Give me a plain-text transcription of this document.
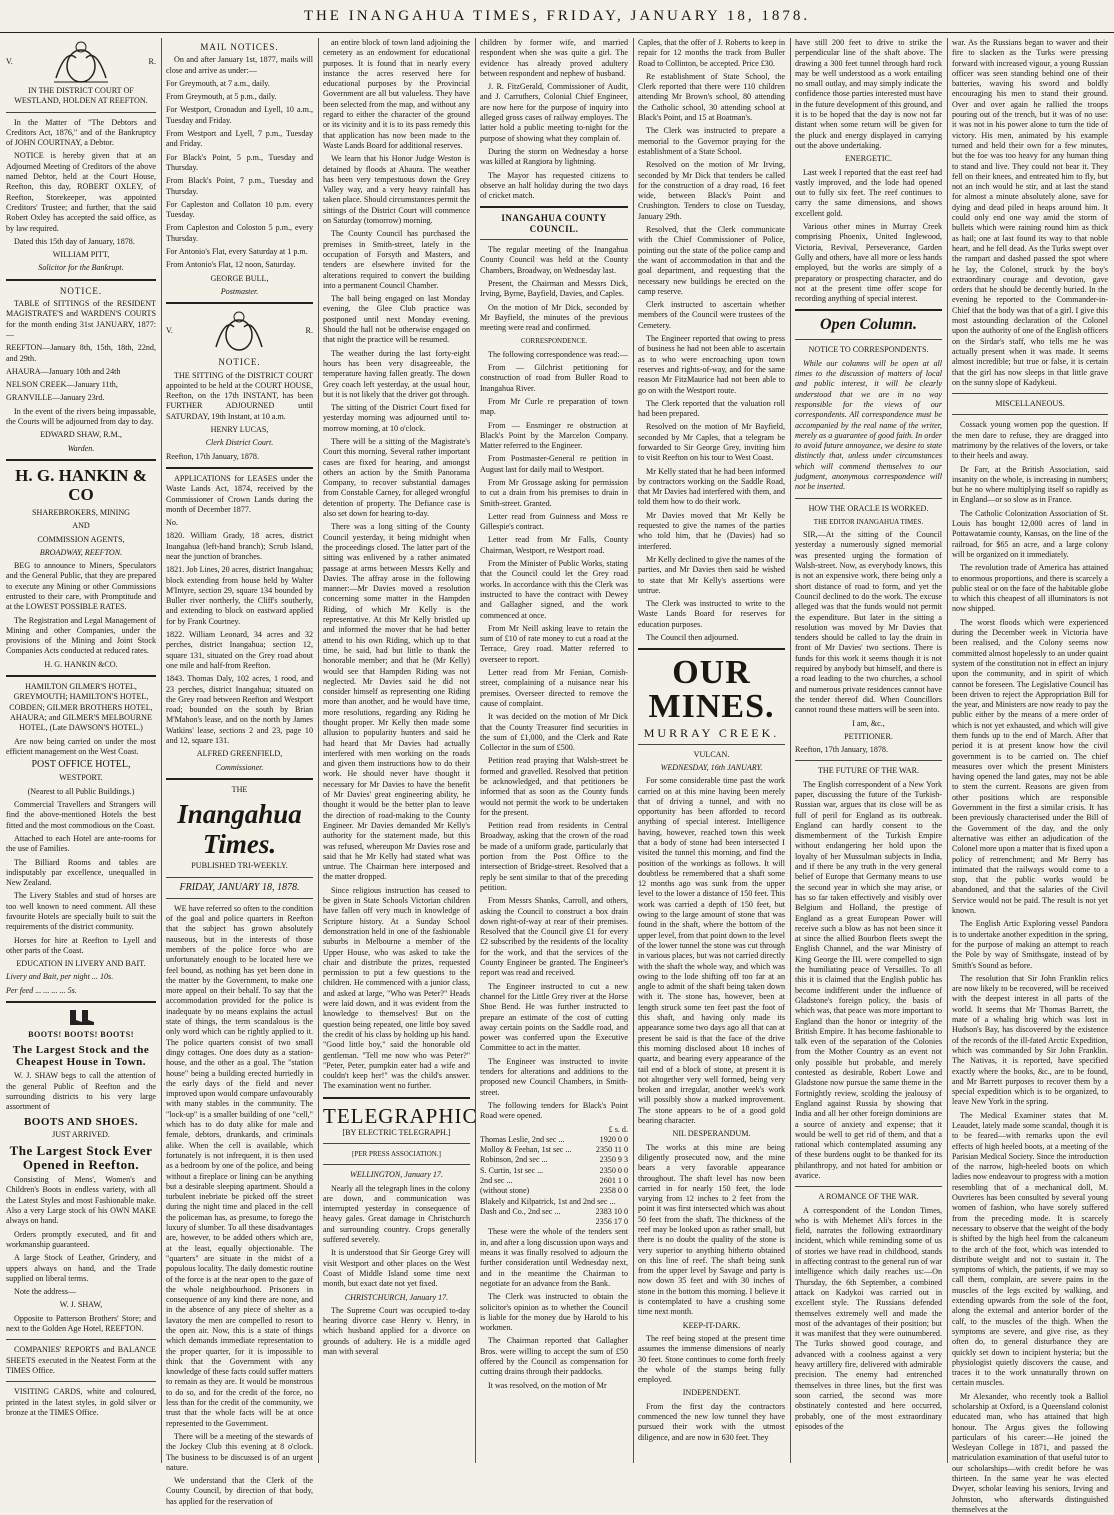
THE INANGAHUA TIMES, FRIDAY, JANUARY 18, 1878.
V.	R.

IN THE DISTRICT COURT OF WESTLAND, HOLDEN AT REEFTON.

In the Matter of "The Debtors and Creditors Act, 1876," and of the Bankruptcy of JOHN COURTNAY, a Debtor.

NOTICE is hereby given that at an Adjourned Meeting of Creditors of the above named Debtor, held at the Court House, Reefton, this day, ROBERT OXLEY, of Reefton, Storekeeper, was appointed Creditors' Trustee; and further, that the said Robert Oxley has accepted the said office, as by law required.

Dated this 15th day of January, 1878.

WILLIAM PITT,

Solicitor for the Bankrupt.

NOTICE.

TABLE of SITTINGS of the RESIDENT MAGISTRATE'S and WARDEN'S COURTS for the month ending 31st JANUARY, 1877:—

REEFTON—January 8th, 15th, 18th, 22nd, and 29th.

AHAURA—January 10th and 24th

NELSON CREEK—January 11th,

GRANVILLE—January 23rd.

In the event of the rivers being impassable, the Courts will be adjourned from day to day.

EDWARD SHAW, R.M.,

Warden.

H. G. HANKIN & CO

SHAREBROKERS, MINING

AND

COMMISSION AGENTS,

BROADWAY, REEFTON.

BEG to announce to Miners, Speculators and the General Public, that they are prepared to execute any Mining or other Commissions entrusted to their care, with Promptitude and at the LOWEST POSSIBLE RATES.

The Registration and Legal Management of Mining and other Companies, under the provisions of the Mining and Joint Stock Companies Acts conducted at reduced rates.

H. G. HANKIN &CO.

HAMILTON GILMER'S HOTEL, GREYMOUTH; HAMILTON'S HOTEL, COBDEN; GILMER BROTHERS HOTEL, AHAURA; and GILMER'S MELBOURNE HOTEL, (Late DAWSON'S HOTEL.)

Are now being carried on under the most efficient management on the West Coast.

POST OFFICE HOTEL,

WESTPORT.

(Nearest to all Public Buildings.)

Commercial Travellers and Strangers will find the above-mentioned Hotels the best fitted and the most commodious on the Coast.

Attached to each Hotel are ante-rooms for the use of Families.

The Billiard Rooms and tables are indisputably par excellence, unequalled in New Zealand.

The Livery Stables and stud of horses are too well known to need comment. All these favourite Hotels are specially built to suit the requirements of the district community.

Horses for hire at Reefton to Lyell and other parts of the Coast.

EDUCATION IN LIVERY AND BAIT.

Livery and Bait, per night ... 10s.

Per feed ... ... ... ... 5s.

BOOTS! BOOTS! BOOTS!
The Largest Stock and the Cheapest House in Town.

W. J. SHAW begs to call the attention of the general Public of Reefton and the surrounding districts to his very large assortment of

BOOTS AND SHOES.

JUST ARRIVED.

The Largest Stock Ever Opened in Reefton.

Consisting of Mens', Women's and Children's Boots in endless variety, with all the Latest Styles and most Fashionable make. Also a very Large stock of his OWN MAKE always on hand.

Orders promptly executed, and fit and workmanship guaranteed.

A large Stock of Leather, Grindery, and uppers always on hand, and the Trade supplied on liberal terms.

Note the address—

W. J. SHAW,

Opposite to Patterson Brothers' Store; and next to the Golden Age Hotel, REEFTON.

COMPANIES' REPORTS and BALANCE SHEETS executed in the Neatest Form at the TIMES Office.

VISITING CARDS, white and coloured, printed in the latest styles, in gold silver or bronze at the TIMES Office.

MAIL NOTICES.

On and after January 1st, 1877, mails will close and arrive as under:—

For Greymouth, at 7 a.m., daily.

From Greymouth, at 5 p.m., daily.

For Westport, Cronadun and Lyell, 10 a.m., Tuesday and Friday.

From Westport and Lyell, 7 p.m., Tuesday and Friday.

For Black's Point, 5 p.m., Tuesday and Thursday.

From Black's Point, 7 p.m., Tuesday and Thursday.

For Capleston and Collaton 10 p.m. every Tuesday.

From Capleston and Coloston 5 p.m., every Thursday.

For Antonio's Flat, every Saturday at 1 p.m.

From Antonio's Flat, 12 noon, Saturday.

GEORGE BULL,

Postmaster.

V.	R.
NOTICE.

THE SITTING of the DISTRICT COURT appointed to be held at the COURT HOUSE, Reefton, on the 17th INSTANT, has been FURTHER ADJOURNED until SATURDAY, 19th Instant, at 10 a.m.

HENRY LUCAS,

Clerk District Court.

Reefton, 17th January, 1878.

APPLICATIONS for LEASES under the Waste Lands Act, 1874, received by the Commissioner of Crown Lands during the month of December 1877.

No.

1820. William Grady, 18 acres, district Inangahua (left-hand branch); Scrub Island, near the junction of branches.

1821. Job Lines, 20 acres, district Inangahua; block extending from house held by Walter M'Intyre, section 29, square 134 bounded by Buller river northerly, the Cliff's southerly, and extending to block on eastward applied for by Frank Courtney.

1822. William Leonard, 34 acres and 32 perches, district Inangahua; section 12, square 131, situated on the Grey road about one mile and half-from Reefton.

1843. Thomas Daly, 102 acres, 1 rood, and 23 perches, district Inangahua; situated on the Grey road between Reefton and Westport road; bounded on the south by Brian M'Mahon's lease, and on the north by James Watkins' lease, sections 2 and 23, page 10 and 12, square 131.

ALFRED GREENFIELD,

Commissioner.

THE

Inangahua Times.

PUBLISHED TRI-WEEKLY.

FRIDAY, JANUARY 18, 1878.

WE have referred so often to the condition of the goal and police quarters in Reefton that the subject has grown absolutely nauseous, but in the interests of those members of the police force who are unfortunately enough to be located here we feel bound, as nothing has yet been done in the matter by the Government, to make one more appeal on their behalf. To say that the accommodation provided for the police is inadequate by no means explains the actual state of things, the term scandalous is the only word which can be rightly applied to it. The police quarters consist of two small dingy cottages. One does duty as a station-house, and the other as a goal. The "station house" being a building erected hurriedly in the early days of the field and never improved upon would compare unfavourably with many stables in the community. The "lock-up" is a smaller building of one "cell," which has to do duty alike for male and female, debtors, drunkards, and criminals alike. When the cell is available, which fortunately is not infrequent, it is then used as a bedroom by one of the police, and being without a fireplace or lining can be anything but a desirable sleeping apartment. Should a turbulent inebriate be picked off the street during the night time and placed in the cell the policeman has, as presume, to forego the luxury of slumber. To all these disadvantages are, however, to be added others which are, at the least, equally objectionable. The "quarters" are situate in the midst of a populous locality. The daily domestic routine of the force is at the near open to the gaze of the whole neighbourhood. Prisoners in consequence of any kind there are none, and in the absence of any piece of shelter as a lavatory the men are compelled to resort to the open air. Now, this is a state of things which demands immediate representation to the proper quarter, for it is impossible to think that the Government with any knowledge of these facts could suffer matters to remain as they are. It would be monstrous to do so, and for the credit of the force, no less than for the credit of the community, we trust that the whole facts will be at once represented to the Government.

There will be a meeting of the stewards of the Jockey Club this evening at 8 o'clock. The business to be discussed is of an urgent nature.

We understand that the Clerk of the County Council, by direction of that body, has applied for the reservation of

an entire block of town land adjoining the cemetery as an endowment for educational purposes. It is found that in nearly every instance the acres reserved here for educational purposes by the Provincial Government are all but valueless. They have been selected from the map, and without any regard to either the character of the ground or its vicinity and it is to its pass remedy this that application has now been made to the Waste Lands Board for additional reserves.

We learn that his Honor Judge Weston is detained by floods at Ahaura. The weather has been very tempestuous down the Grey Valley way, and a very heavy rainfall has taken place. Should circumstances permit the sittings of the District Court will commence on Saturday (tomorrow) morning.

The County Council has purchased the premises in Smith-street, lately in the occupation of Forsyth and Masters, and tenders are elsewhere invited for the alterations required to convert the building into a permanent Council Chamber.

The ball being engaged on last Monday evening, the Glee Club practice was postponed until next Monday evening. Should the hall not be otherwise engaged on that night the practice will be resumed.

The weather during the last forty-eight hours has been very disagreeable, the temperature having fallen greatly. The down Grey coach left yesterday, at the usual hour, but it is not likely that the driver got through.

The sitting of the District Court fixed for yesterday morning was adjourned until to-morrow morning, at 10 o'clock.

There will be a sitting of the Magistrate's Court this morning. Several rather important cases are fixed for hearing, and amongst others an action by the Smith Panorama Company, to recover substantial damages from Constable Carney, for alleged wrongful detention of property. The Defiance case is also set down for hearing to-day.

There was a long sitting of the County Council yesterday, it being midnight when the proceedings closed. The latter part of the sitting was enlivened by a rather animated passage at arms between Messrs Kelly and Davies. The affray arose in the following manner:—Mr Davies moved a resolution concerning some matter in the Hampden Riding, of which Mr Kelly is the representative. At this Mr Kelly bristled up and informed the mover that he had better attend to his own Riding, which up to that time, he said, had but little to thank the honorable member; and that he (Mr Kelly) would see that Hampden Riding was not neglected. Mr Davies said he did not consider himself as representing one Riding more than another, and he would have time, more resolutions, regarding any Riding he thought proper. Mr Kelly then made some allusion to popularity hunters and said he had heard that Mr Davies had actually interfered with men working on the roads and given them instructions how to do their work. He should never have thought it necessary for Mr Davies to have the benefit of Mr Davies' great engineering ability, he thought it would be the better plan to leave the direction of road-making to the County Engineer. Mr Davies demanded Mr Kelly's authority for the statement made, but this was refused, whereupon Mr Davies rose and said that he Mr Kelly had stated what was untrue. The Chairman here interposed and the matter dropped.

Since religious instruction has ceased to be given in State Schools Victorian children have fallen off very much in knowledge of Scripture history. At a Sunday School demonstration held in one of the fashionable suburbs in Melbourne a member of the Upper House, who was asked to take the chair and distribute the prizes, requested permission to put a few questions to the children. He commenced with a junior class, and asked at large, "Who was Peter?" Heads were laid down, and it was evident from the knowledge to themselves! But on the question being repeated, one little boy saved the credit of his class by holding up his hand. "Good little boy," said the honorable old gentleman. "Tell me now who was Peter?" "Peter, Peter, pumpkin eater had a wife and couldn't keep her!" was the child's answer. The examination went no further.

TELEGRAPHIC

[BY ELECTRIC TELEGRAPH.]

[PER PRESS ASSOCIATION.]

WELLINGTON, January 17.

Nearly all the telegraph lines in the colony are down, and communication was interrupted yesterday in consequence of heavy gales. Great damage in Christchurch and surrounding country. Crops generally suffered severely.

It is understood that Sir George Grey will visit Westport and other places on the West Coast of Middle Island some time next month, but exact date not yet fixed.

CHRISTCHURCH, January 17.

The Supreme Court was occupied to-day hearing divorce case Henry v. Henry, in which husband applied for a divorce on grounds of adultery. He is a middle aged man with several

children by former wife, and married respondent when she was quite a girl. The evidence has already proved adultery between respondent and nephew of husband.

J. R. FitzGerald, Commissioner of Audit, and J. Carruthers, Colonial Chief Engineer, are now here for the purpose of inquiry into alleged gross cases of railway employes. The latter hold a public meeting to-night for the purpose of showing what they complain of.

During the storm on Wednesday a horse was killed at Rangiora by lightning.

The Mayor has requested citizens to observe an half holiday during the two days of cricket match.

INANGAHUA COUNTY COUNCIL.

The regular meeting of the Inangahua County Council was held at the County Chambers, Broadway, on Wednesday last.

Present, the Chairman and Messrs Dick, Irving, Byrne, Bayfield, Davies, and Caples.

On the motion of Mr Dick, seconded by Mr Bayfield, the minutes of the previous meeting were read and confirmed.

CORRESPONDENCE.

The following correspondence was read:—

From — Gilchrist petitioning for construction of road from Buller Road to Inangahua River.

From Mr Curle re preparation of town map.

From — Ensminger re obstruction at Black's Point by the Marcelon Company. Matter referred to the Engineer.

From Postmaster-General re petition in August last for daily mail to Westport.

From Mr Grossage asking for permission to cut a drain from his premises to drain in Smith-street. Granted.

Letter read from Guinness and Moss re Gillespie's contract.

Letter read from Mr Falls, County Chairman, Westport, re Westport road.

From the Minister of Public Works, stating that the Council could let the Grey road works. In accordance with this the Clerk was instructed to have the contract with Dewey and Gallagher signed, and the work commenced at once.

From Mr Neill asking leave to retain the sum of £10 of rate money to cut a road at the Terrace, Grey road. Matter referred to overseer to report.

Letter read from Mr Fenian, Cornish-street, complaining of a nuisance near his premises. Overseer directed to remove the cause of complaint.

It was decided on the motion of Mr Dick that the County Treasurer find securities in the sum of £1,000, and the Clerk and Rate Collector in the sum of £500.

Petition read praying that Walsh-street be formed and gravelled. Resolved that petition be acknowledged, and that petitioners be informed that as soon as the County funds would not permit the work to be undertaken for the present.

Petition read from residents in Central Broadway, asking that the crown of the road be made of a uniform grade, particularly that portion from the Post Office to the intersection of Bridge-street. Resolved that a reply be sent similar to that of the preceding petition.

From Messrs Shanks, Carroll, and others, asking the Council to construct a box drain down right-of-way at rear of their premises. Resolved that the Council give £1 for every £2 subscribed by the residents of the locality for the work, and that the services of the County Engineer be granted. The Engineer's report was read and received.

The Engineer instructed to cut a new channel for the Little Grey river at the Horse Shoe Bend. He was further instructed to prepare an estimate of the cost of cutting away certain points on the Saddle road, and power was conferred upon the Executive Committee to act in the matter.

The Engineer was instructed to invite tenders for alterations and additions to the proposed new Council Chambers, in Smith-street.

The following tenders for Black's Point Road were opened.

£ s. d.
Thomas Leslie, 2nd sec ...	1920 0 0
Molloy & Feehan, 1st sec ...	2350 11 0
Robinson, 2nd sec ...	2350 9 3
S. Curtin, 1st sec ...	2350 0 0
2nd sec ...	2601 1 0
(without stone)	2358 0 0
Blakely and Kilpatrick, 1st and 2nd sec ...
Dash and Co., 2nd sec ...	2383 10 0
2356 17 0

These were the whole of the tenders sent in, and after a long discussion upon ways and means it was finally resolved to adjourn the further consideration until Wednesday next, and in the meantime the Chairman to negotiate for an advance from the Bank.

The Clerk was instructed to obtain the solicitor's opinion as to whether the Council is liable for the money due by Harold to his workmen.

The Chairman reported that Gallagher Bros. were willing to accept the sum of £50 offered by the Council as compensation for cutting drains through their paddocks.

It was resolved, on the motion of Mr

Caples, that the offer of J. Roberts to keep in repair for 12 months the track from Buller Road to Collinton, be accepted. Price £30.

Re establishment of State School, the Clerk reported that there were 110 children attending Mr Brown's school, 80 attending the Catholic school, 30 attending school at Black's Point, and 15 at Boatman's.

The Clerk was instructed to prepare a memorial to the Governor praying for the establishment of a State School.

Resolved on the motion of Mr Irving, seconded by Mr Dick that tenders be called for the construction of a dray road, 16 feet wide, between Black's Point and Crushington. Tenders to close on Tuesday, January 29th.

Resolved, that the Clerk communicate with the Chief Commissioner of Police, pointing out the state of the police camp and the want of accommodation in that and the goal department, and requesting that the necessary new buildings be erected on the camp reserve.

Clerk instructed to ascertain whether members of the Council were trustees of the Cemetery.

The Engineer reported that owing to press of business he had not been able to ascertain as to who were encroaching upon town reserves and rights-of-way, and for the same reason Mr FitzMaurice had not been able to go on with the Westport route.

The Clerk reported that the valuation roll had been prepared.

Resolved on the motion of Mr Bayfield, seconded by Mr Caples, that a telegram be forwarded to Sir George Grey, inviting him to visit Reefton on his tour to West Coast.

Mr Kelly stated that he had been informed by contractors working on the Saddle Road, that Mr Davies had interfered with them, and told them how to do their work.

Mr Davies moved that Mr Kelly be requested to give the names of the parties who told him, that he (Davies) had so interfered.

Mr Kelly declined to give the names of the parties, and Mr Davies then said he wished to state that Mr Kelly's assertions were untrue.

The Clerk was instructed to write to the Waste Lands Board for reserves for education purposes.

The Council then adjourned.

OUR MINES.
MURRAY CREEK.

VULCAN.

WEDNESDAY, 16th JANUARY.

For some considerable time past the work carried on at this mine having been merely that of driving a tunnel, and with no opportunity has been afforded to record anything of special interest. Intelligence having, however, reached town this week that a body of stone had been intersected I visited the tunnel this morning, and find the position of the workings as follows. It will doubtless be remembered that a shaft some 12 months ago was sunk from the upper level to the lower a distance of 150 feet. This work was carried a depth of 150 feet, but owing to the large amount of stone that was found in the shaft, where the bottom of the upper level, from that point down to the level of the lower tunnel the stone was cut through in various places, but was not carried directly with the shaft the whole way, and which was owing to the lode shifting off too far at an angle to admit of the shaft being taken down with it. The stone has, however, been at length struck some ten feet past the foot of this shaft, and having only made its appearance some two days ago all that can at present be said is that the face of the drive this morning disclosed about 18 inches of quartz, and bearing every appearance of the tail end of a block of stone, at present it is not altogether very well formed, being very broken and irregular, another week's work will possibly show a marked improvement. The stone appears to be of a good gold bearing character.

NIL DESPERANDUM.

The works at this mine are being diligently prosecuted now, and the mine bears a very favorable appearance throughout. The shaft level has now been carried in for nearly 150 feet, the lode varying from 12 inches to 2 feet from the point it was first intersected which was about 50 feet from the shaft. The thickness of the reef may be looked upon as rather small, but there is no doubt the quality of the stone is very superior to anything hitherto obtained on this line of reef. The shaft being sunk from the upper level by Savage and party is now down 35 feet and with 30 inches of stone in the bottom this morning. I believe it is contemplated to have a crushing some time next month.

KEEP-IT-DARK.

The reef being stoped at the present time assumes the immense dimensions of nearly 30 feet. Stone continues to come forth freely the whole of the stamps being fully employed.

INDEPENDENT.

From the first day the contractors commenced the new low tunnel they have pursued their work with the utmost diligence, and are now in 630 feet. They

have still 200 feet to drive to strike the perpendicular line of the shaft above. The drawing a 300 feet tunnel through hard rock may be well understood as a work entailing no small outlay, and may simply indicate the confidence those parties interested must have in the future development of this ground, and it is to be hoped that the day is now not far distant when some return will be given for the pluck and energy displayed in carrying out the above undertaking.

ENERGETIC.

Last week I reported that the east reef had vastly improved, and the lode had opened out to fully six feet. The reef continues to carry the same dimensions, and shows excellent gold.

Various other mines in Murray Creek comprising Phoenix, United Inglewood, Victoria, Revival, Perseverance, Garden Gully and others, have all more or less hands employed, but the works are simply of a preparatory or prospecting character, and do not at the present time offer scope for recording anything of special interest.

Open Column.

NOTICE TO CORRESPONDENTS.

While our columns will be open at all times to the discussion of matters of local and public interest, it will be clearly understood that we are in no way responsible for the views of our correspondents. All correspondence must be accompanied by the real name of the writer, merely as a guarantee of good faith. In order to avoid future annoyance, we desire to state distinctly that, unless under circumstances which will commend themselves to our judgment, anonymous correspondence will not be inserted.

HOW THE ORACLE IS WORKED.

THE EDITOR INANGAHUA TIMES.

SIR,—At the sitting of the Council yesterday a numerously signed memorial was presented urging the formation of Walsh-street. Now, as everybody knows, this is not an expensive work, there being only a short distance of road to form, and yet the Council declined to do the work. The excuse alleged was that the funds would not permit the expenditure. But later in the sitting a resolution was moved by Mr Davies that tenders should be called to lay the drain in front of Mr Davies' two sections. There is funds for this work it seems though it is not required by anybody but himself, and there is a road leading to the two churches, a school and numerous private residences cannot have the tender thereof did. When Councillors cannot round these matters will be seen into.

I am, &c.,

PETITIONER.

Reefton, 17th January, 1878.

THE FUTURE OF THE WAR.

The English correspondent of a New York paper, discussing the future of the Turkish-Russian war, argues that its close will be as full of peril for England as its outbreak. England can hardly consent to the dismemberment of the Turkish Empire without endangering her hold upon the loyalty of her Mussulman subjects in India, and if there be any truth in the very general belief of Europe that Germany means to use the second year in which she may arise, or has so far taken effectively and visibly over Belgium and Holland, the prestige of England as a great European Power will receive such a blow as has not been since it at since the allied Bourbon fleets swept the English Channel, and the war Ministry of King George the III. were compelled to sign the humiliating peace of Versailles. To all this it is claimed that the English public has become indifferent under the influence of Gladstone's foreign policy, the basis of which was, that peace was more important to England than the honor or integrity of the British Empire. It has become fashionable to talk even of the separation of the Colonies from the Mother Country as an event not only possible but probable, and merely contested as desirable, Robert Lowe and Gladstone now pursue the same theme in the Fortnightly review, scolding the jealousy of England against Russia by showing that India and all her other foreign dominions are a source of anxiety and expense; that it would be well to get rid of them, and that a rational which contemplated assuming any of these burdens ought to be thanked for its philanthropy, and not hated for ambition or avarice.

A ROMANCE OF THE WAR.

A correspondent of the London Times, who is with Mehemet Ali's forces in the field, narrates the following extraordinary incident, which while reminding some of us of stories we have read in childhood, stands in affecting contrast to the general run of war intelligence which daily reaches us:—On Thursday, the 6th September, a combined attack on Kadykoi was carried out in excellent style. The Russians defended themselves extremely well and made the most of the advantages of their position; but it was manifest that they were outnumbered. The Turks showed good courage, and advanced with a coolness against a very heavy artillery fire, delivered with admirable precision. The enemy had entrenched themselves in three lines, but the first was soon carried, the second was more obstinately contested and here occurred, probably, one of the most extraordinary episodes of the

war. As the Russians began to waver and their fire to slacken as the Turks were pressing forward with increased vigour, a young Russian officer was seen standing behind one of their batteries, waving his sword and boldly encouraging his men to stand their ground. Over and over again he rallied the troops pouring out of the trench, but it was of no use: it was not in his power alone to turn the tide of victory. His men, animated by his example turned and held their own for a few minutes, but the foe was too heavy for any human thing to stand and live. They could not bear it. They fell on their knees, and entreated him to fly, but not an inch would he stir, and at last the stand for almost a minute absolutely alone, save for dying and dead piled in heaps around him. It could only end one way amid the storm of bullets which were raining round him as thick as hail; one at last found its way to that noble heart, and he fell dead. As the Turks swept over the rampart and dashed passed the spot where he lay, the Colonel, struck by the boy's extraordinary courage and devotion, gave orders that he should be decently buried. In the evening he reported to the Commander-in-Chief that the body was that of a girl. I give this most astounding declaration of the Colonel upon the authority of one of the English officers on the Sirdar's staff, who tells me he was actually present when it was made. It seems almost incredible; but true or false, it is certain that the girl has now sleeps in that little grave on the sunny slope of Kadykeui.

MISCELLANEOUS.

Cossack young women pop the question. If the men dare to refuse, they are dragged into matrimony by the relatives of the lovers, or take to their heels and away.

Dr Farr, at the British Association, said insanity on the whole, is increasing in numbers; but he no where multiplying itself so rapidly as in England—or so slow as in France.

The Catholic Colonization Association of St. Louis has bought 12,000 acres of land in Pottawatamie county, Kansas, on the line of the railroad, for $65 an acre, and a large colony will be organized on it immediately.

The revolution trade of America has attained to enormous proportions, and there is scarcely a public steal or on the face of the habitable globe to which this cheapest of all illuminators is not now shipped.

The worst floods which were experienced during the December week in Victoria have been realised, and the Colony seems now committed almost hopelessly to an under quaint system of the constitution not in effect an injury upon the community, and in spirit of which cannot be foreseen. The Legislative Council has been driven to reject the Appropriation Bill for the year, and Ministers are now ready to pay the public either by the means of a mere order of which is not yet exhausted, and which will give them funds up to the end of March. After that period it is at present know how the civil government is to be carried on. The chief measures over which the present Ministers having opened the land gates, may not be able to stem the current. Reasons are given from other positions which are responsible Government in the first a similar crisis. It has been previously characterised under the Bill of the Government of the day, and the only alternative was either an adjudication of the Colonel more upon a matter that is fixed upon a policy of retrenchment; and Mr Berry has intimated that the railways would come to a stop, that the public works would be abandoned, and that the salaries of the Civil Service would not be paid. The result is not yet known.

The English Artic Exploring vessel Pandora is to undertake another expedition in the spring, for the purpose of making an attempt to reach the Pole by way of Smithsgate, instead of by Smith's Sound as before.

The resolution that Sir John Franklin relics are now likely to be recovered, will be received with the deepest interest in all parts of the world. It seems that Mr Thomas Barrett, the mate of a whaling brig which was lost in Hudson's Bay, has discovered by the existence of the records of the ill-fated Arctic Expedition, which was commanded by Sir John Franklin. The Nativas, it is reported, have specified exactly where the books, &c., are to be found, and Mr Barrett purposes to recover them by a special expedition which is to be organized, to leave New York in the spring.

The Medical Examiner states that M. Leaudet, lately made some scandal, though it is to be feared—with remarks upon the evil effects of high heeled boots, at a meeting of the Parisian Medical Society. Since the introduction of the narrow, high-heeled boots on which ladies now endeavour to progress with a motion resembling that of a mechanical doll, M. Ouvrieres has been consulted by several young women of fashion, who have sorely suffered from the preceding mode. It is scarcely necessary to observe that the weight of the body is shifted by the high heel from the calcaneum to the arch of the foot, which was intended to distribute weight and not to sustain it. The symptoms of which, the patients, if we may so call them, complain, are severe pains in the muscles of the legs excited by walking, and extending upwards from the sole of the foot, along the external and anterior border of the calf, to the muscles of the thigh. When the symptoms are severe, and give rise, as they often do, to general disturbance they are quickly set down to incipient hysteria; but the physiologist quietly discovers the cause, and traces it to the work unnaturally thrown on certain muscles.

Mr Alexander, who recently took a Balliol scholarship at Oxford, is a Queensland colonist educated man, who has attained that high honour. The Argus gives the following particulars of his career:—He joined the Wesleyan College in 1871, and passed the matriculation examination of that useful tutor to our scholarships—with credit before he was thirteen. In the same year he was elected Dwyer, scholar leaving his seniors, Irving and Johnston, who afterwards distinguished themselves at the
